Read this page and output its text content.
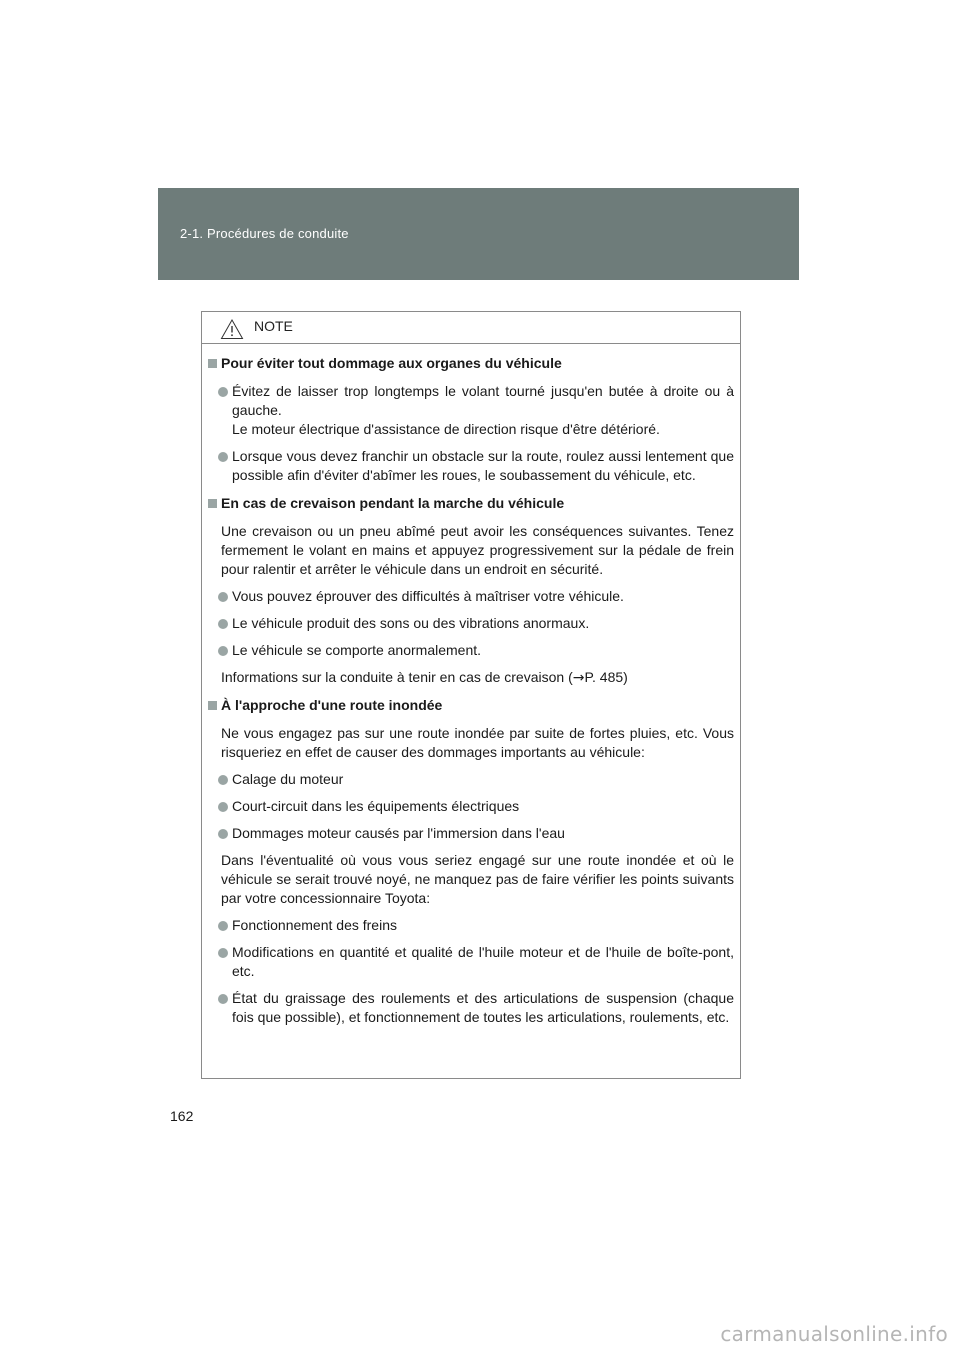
2-1. Procédures de conduite
NOTE
Pour éviter tout dommage aux organes du véhicule
Évitez de laisser trop longtemps le volant tourné jusqu'en butée à droite ou à gauche.
Le moteur électrique d'assistance de direction risque d'être détérioré.
Lorsque vous devez franchir un obstacle sur la route, roulez aussi lentement que possible afin d'éviter d'abîmer les roues, le soubassement du véhicule, etc.
En cas de crevaison pendant la marche du véhicule
Une crevaison ou un pneu abîmé peut avoir les conséquences suivantes. Tenez fermement le volant en mains et appuyez progressivement sur la pédale de frein pour ralentir et arrêter le véhicule dans un endroit en sécurité.
Vous pouvez éprouver des difficultés à maîtriser votre véhicule.
Le véhicule produit des sons ou des vibrations anormaux.
Le véhicule se comporte anormalement.
Informations sur la conduite à tenir en cas de crevaison (→P. 485)
À l'approche d'une route inondée
Ne vous engagez pas sur une route inondée par suite de fortes pluies, etc. Vous risqueriez en effet de causer des dommages importants au véhicule:
Calage du moteur
Court-circuit dans les équipements électriques
Dommages moteur causés par l'immersion dans l'eau
Dans l'éventualité où vous vous seriez engagé sur une route inondée et où le véhicule se serait trouvé noyé, ne manquez pas de faire vérifier les points suivants par votre concessionnaire Toyota:
Fonctionnement des freins
Modifications en quantité et qualité de l'huile moteur et de l'huile de boîte-pont, etc.
État du graissage des roulements et des articulations de suspension (chaque fois que possible), et fonctionnement de toutes les articulations, roulements, etc.
162
carmanualsonline.info
